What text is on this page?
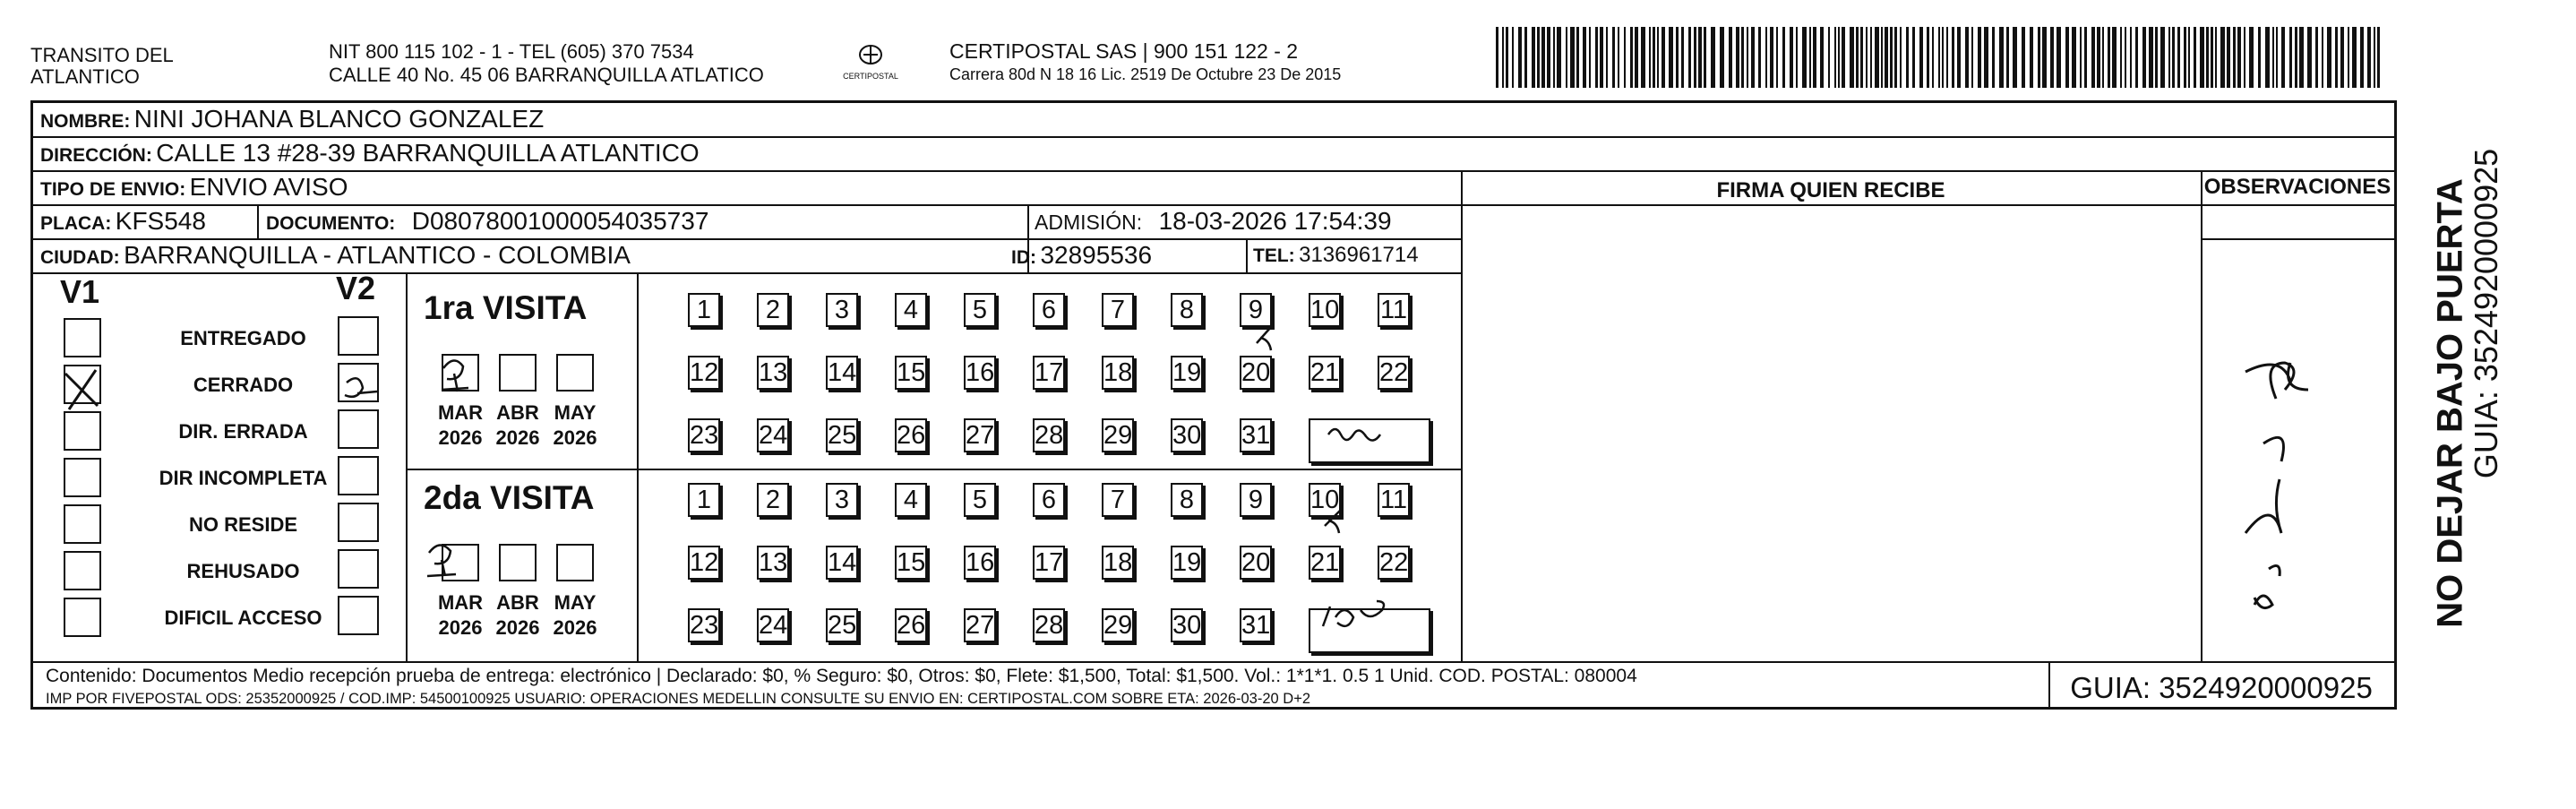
TRANSITO DEL
ATLANTICO
NIT 800 115 102 - 1 - TEL (605) 370 7534
CALLE 40 No. 45 06 BARRANQUILLA ATLATICO	CERTIPOSTAL
CERTIPOSTAL SAS | 900 151 122 - 2
Carrera 80d N 18 16 Lic. 2519 De Octubre 23 De 2015
NOMBRE: NINI JOHANA BLANCO GONZALEZ
DIRECCIÓN: CALLE 13 #28-39 BARRANQUILLA ATLANTICO
TIPO DE ENVIO: ENVIO AVISO	FIRMA QUIEN RECIBE	OBSERVACIONES
PLACA: KFS548	DOCUMENTO: D08078001000054035737	ADMISIÓN: 18-03-2026 17:54:39
CIUDAD: BARRANQUILLA - ATLANTICO - COLOMBIA	ID: 32895536	TEL: 3136961714
V1	V2
ENTREGADO
CERRADO
DIR. ERRADA
DIR INCOMPLETA
NO RESIDE
REHUSADO
DIFICIL ACCESO
1ra VISITA
2da VISITA
MAR
2026
ABR
2026
MAY
2026
1	2	3	4	5	6	7	8	9	10 11
12 13 14 15 16 17 18 19 20 21 22
23 24 25 26 27 28 29 30 31
MAR
2026
ABR
2026
MAY
2026
1	2	3	4	5	6	7	8	9	10 11
12 13 14 15 16 17 18 19 20 21 22
23 24 25 26 27 28 29 30 31
Contenido: Documentos Medio recepción prueba de entrega: electrónico | Declarado: $0, % Seguro: $0, Otros: $0, Flete: $1,500, Total: $1,500. Vol.: 1*1*1. 0.5 1 Unid. COD. POSTAL: 080004
IMP POR FIVEPOSTAL ODS: 25352000925 / COD.IMP: 54500100925 USUARIO: OPERACIONES MEDELLIN CONSULTE SU ENVIO EN: CERTIPOSTAL.COM SOBRE ETA: 2026-03-20 D+2	GUIA: 3524920000925
NO DEJAR BAJO PUERTA
GUIA: 3524920000925
